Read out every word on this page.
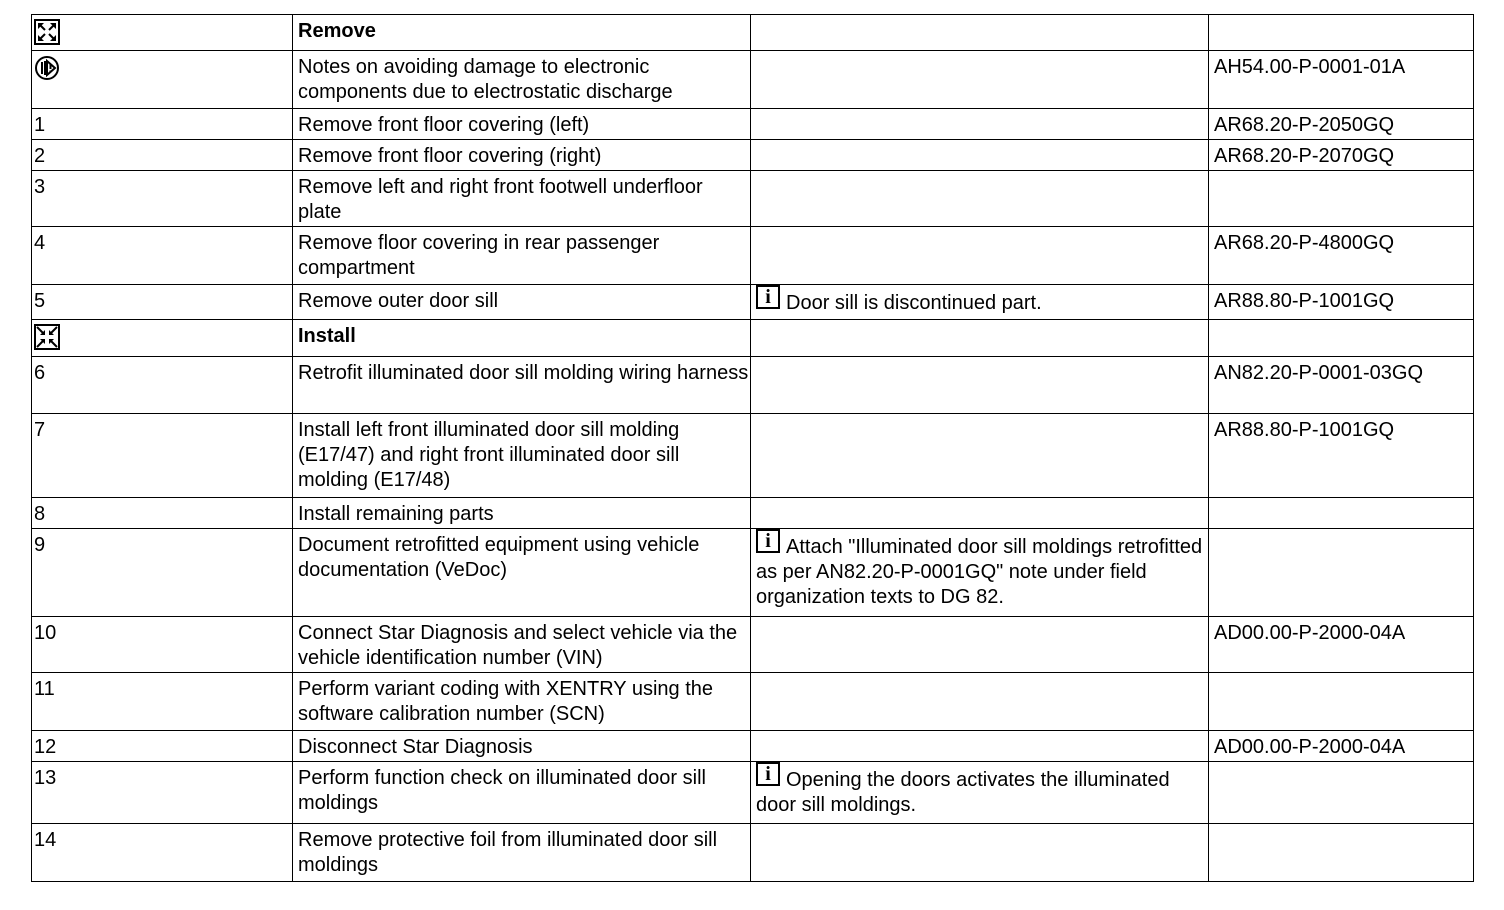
	Remove		
	Notes on avoiding damage to electronic components due to electrostatic discharge		AH54.00-P-0001-01A
1	Remove front floor covering (left)		AR68.20-P-2050GQ
2	Remove front floor covering (right)		AR68.20-P-2070GQ
3	Remove left and right front footwell underfloor plate		
4	Remove floor covering in rear passenger compartment		AR68.20-P-4800GQ
5	Remove outer door sill	i Door sill is discontinued part.	AR88.80-P-1001GQ
	Install		
6	Retrofit illuminated door sill molding wiring harness		AN82.20-P-0001-03GQ
7	Install left front illuminated door sill molding (E17/47) and right front illuminated door sill molding (E17/48)		AR88.80-P-1001GQ
8	Install remaining parts		
9	Document retrofitted equipment using vehicle documentation (VeDoc)	i Attach "Illuminated door sill moldings retrofitted as per AN82.20-P-0001GQ" note under field organization texts to DG 82.	
10	Connect Star Diagnosis and select vehicle via the vehicle identification number (VIN)		AD00.00-P-2000-04A
11	Perform variant coding with XENTRY using the software calibration number (SCN)		
12	Disconnect Star Diagnosis		AD00.00-P-2000-04A
13	Perform function check on illuminated door sill moldings	i Opening the doors activates the illuminated door sill moldings.	
14	Remove protective foil from illuminated door sill moldings		
